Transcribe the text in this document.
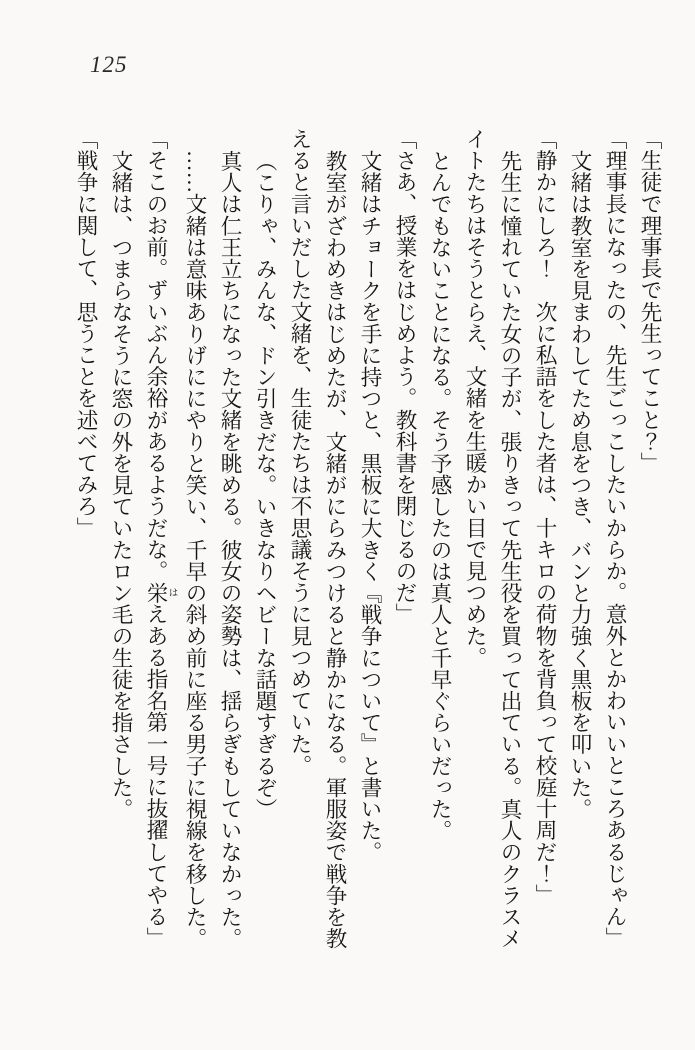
125

「生徒で理事長で先生ってこと？」

「理事長になったの、先生ごっこしたいからか。意外とかわいいところあるじゃん」

文緒は教室を見まわしてため息をつき、バンと力強く黒板を叩いた。

「静かにしろ！　次に私語をした者は、十キロの荷物を背負って校庭十周だ！」

先生に憧れていた女の子が、張りきって先生役を買って出ている。真人のクラスメイトたちはそうとらえ、文緒を生暖かい目で見つめた。

とんでもないことになる。そう予感したのは真人と千早ぐらいだった。

「さあ、授業をはじめよう。教科書を閉じるのだ」

文緒はチョークを手に持つと、黒板に大きく『戦争について』と書いた。

教室がざわめきはじめたが、文緒がにらみつけると静かになる。軍服姿で戦争を教えると言いだした文緒を、生徒たちは不思議そうに見つめていた。

（こりゃ、みんな、ドン引きだな。いきなりヘビーな話題すぎるぞ）

真人は仁王立ちになった文緒を眺める。彼女の姿勢は、揺らぎもしていなかった。

……文緒は意味ありげににやりと笑い、千早の斜め前に座る男子に視線を移した。

「そこのお前。ずいぶん余裕があるようだな。栄はえある指名第一号に抜擢してやる」

文緒は、つまらなそうに窓の外を見ていたロン毛の生徒を指さした。

「戦争に関して、思うことを述べてみろ」
